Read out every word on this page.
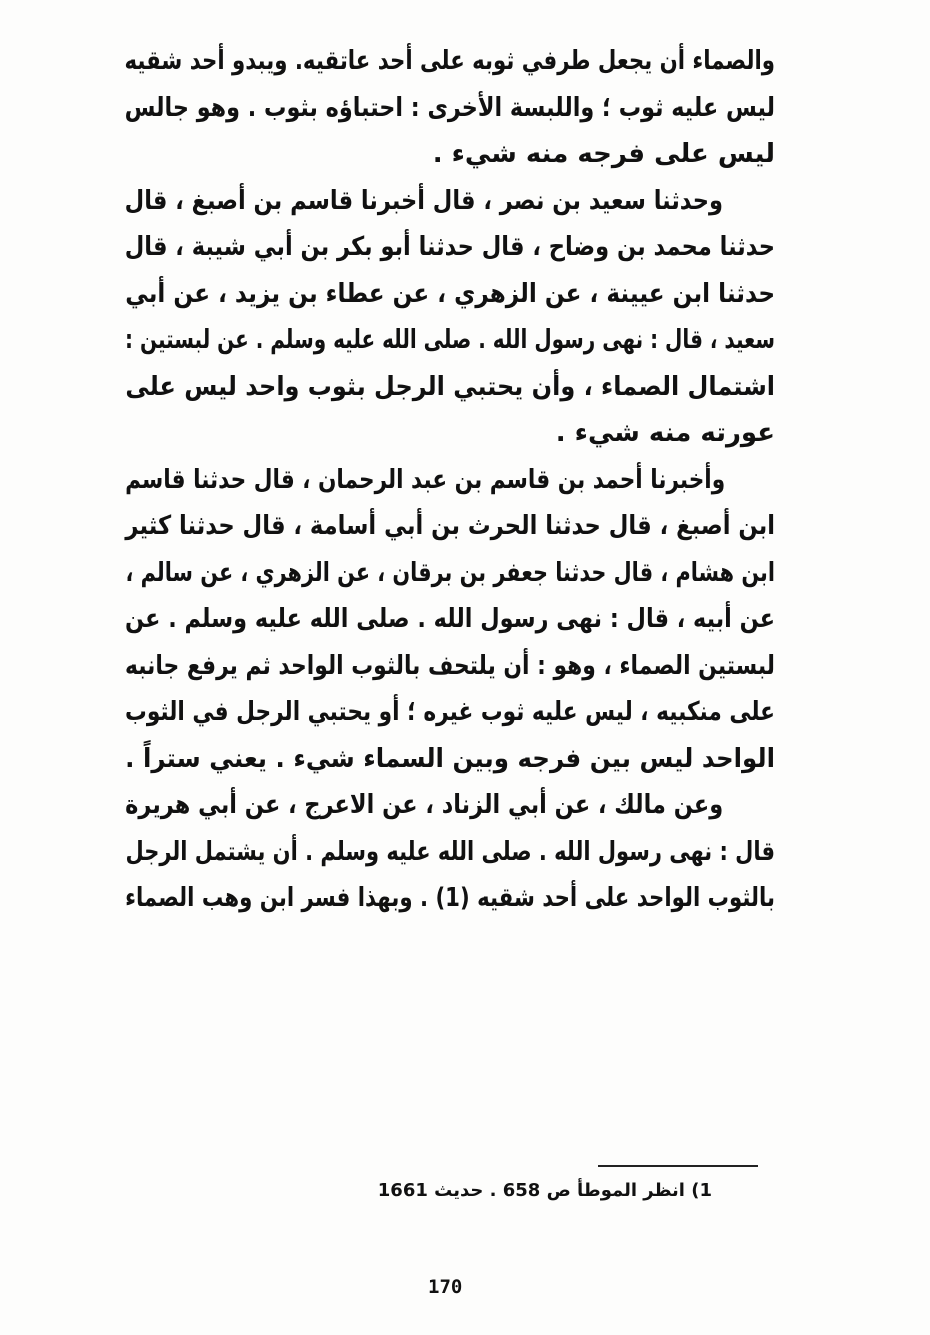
والصماء أن يجعل طرفي ثوبه على أحد عاتقيه. ويبدو أحد شقيه
ليس عليه ثوب ؛ واللبسة الأخرى : احتباؤه بثوب . وهو جالس
ليس على فرجه منه شيء .
وحدثنا سعيد بن نصر ، قال أخبرنا قاسم بن أصبغ ، قال
حدثنا محمد بن وضاح ، قال حدثنا أبو بكر بن أبي شيبة ، قال
حدثنا ابن عيينة ، عن الزهري ، عن عطاء بن يزيد ، عن أبي
سعيد ، قال : نهى رسول الله . صلى الله عليه وسلم . عن لبستين :
اشتمال الصماء ، وأن يحتبي الرجل بثوب واحد ليس على
عورته منه شيء .
وأخبرنا أحمد بن قاسم بن عبد الرحمان ، قال حدثنا قاسم
ابن أصبغ ، قال حدثنا الحرث بن أبي أسامة ، قال حدثنا كثير
ابن هشام ، قال حدثنا جعفر بن برقان ، عن الزهري ، عن سالم ،
عن أبيه ، قال : نهى رسول الله . صلى الله عليه وسلم . عن
لبستين الصماء ، وهو : أن يلتحف بالثوب الواحد ثم يرفع جانبه
على منكبيه ، ليس عليه ثوب غيره ؛ أو يحتبي الرجل في الثوب
الواحد ليس بين فرجه وبين السماء شيء . يعني ستراً .
وعن مالك ، عن أبي الزناد ، عن الاعرج ، عن أبي هريرة
قال : نهى رسول الله . صلى الله عليه وسلم . أن يشتمل الرجل
بالثوب الواحد على أحد شقيه (1) . وبهذا فسر ابن وهب الصماء
1) انظر الموطأ ص 658 . حديث 1661
170
